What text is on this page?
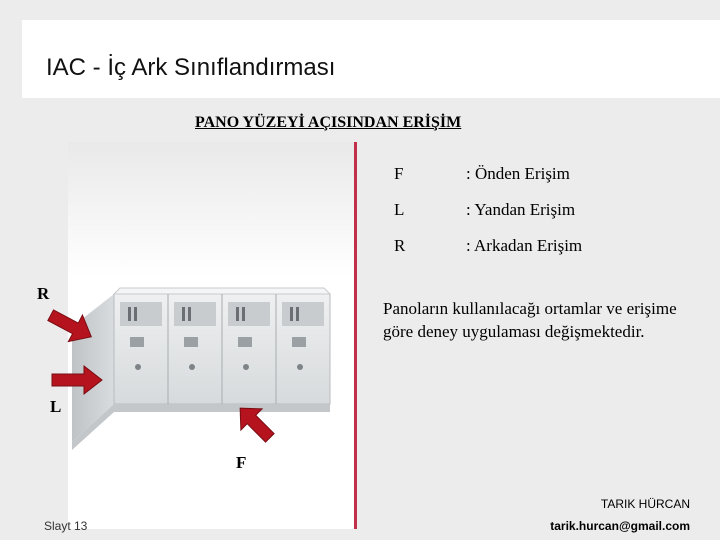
IAC - İç Ark Sınıflandırması
PANO YÜZEYİ AÇISINDAN ERİŞİM
F	: Önden Erişim
L	: Yandan Erişim
R	: Arkadan Erişim
Panoların kullanılacağı ortamlar ve erişime göre deney uygulaması değişmektedir.
R
L
F
Slayt 13
TARIK HÜRCAN
tarik.hurcan@gmail.com
